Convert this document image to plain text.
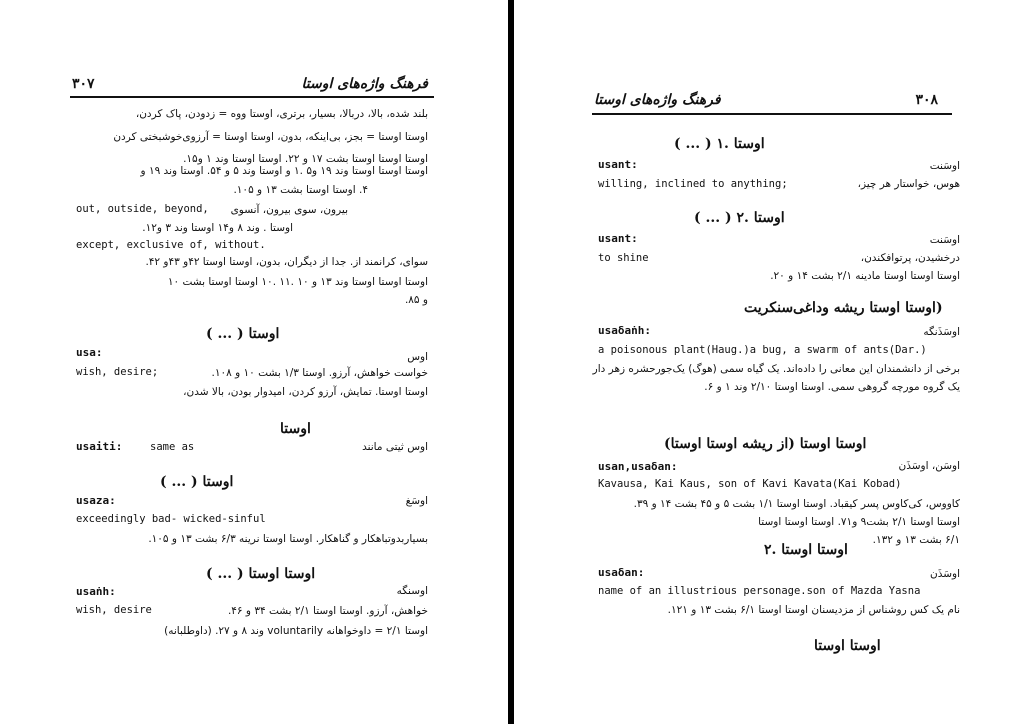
۳۰۷	فرهنگ واژه‌های اوستا
بلند شده، بالا، دربالا، بسیار، برتری، اوستا ووه = زدودن، پاک کردن،
اوستا اوستا = بجز، بی‌اینکه، بدون، اوستا اوستا = آرزوی‌خوشبختی کردن
اوستا اوستا اوستا بشت ۱۷ و ۲۲. اوستا اوستا وند ۱ و۱۵.
اوستا اوستا اوستا وند ۱۹ و۵ .۱ و اوستا وند ۵ و ۵۴. اوستا وند ۱۹ و
۴. اوستا اوستا بشت ۱۳ و ۱۰۵.
بیرون، سوی بیرون، آنسوی
out, outside, beyond,
اوستا . وند ۸ و۱۴ اوستا وند ۳ و۱۲.
except, exclusive of, without.
سوای، کرانمند از. جدا از دیگران، بدون، اوستا اوستا ۴۲و ۴۳و ۴۲.
اوستا اوستا اوستا وند ۱۳ و ۱۰ .۱۱ .۱۰ اوستا اوستا بشت ۱۰
و ۸۵.
( ... ) اوستا
usa:	اوس
wish, desire;	خواست خواهش، آرزو. اوستا ۱/۳ بشت ۱۰ و ۱۰۸.
اوستا اوستا. تمایش، آرزو کردن، امیدوار بودن، بالا شدن،
اوستا
usaiti:	same as	اوس ثیتی مانند
( ... ) اوستا
usaza:	اوسَغ
exceedingly bad- wicked-sinful
بسیاربدوتباهکار و گناهکار. اوستا اوستا نرینه ۶/۳ بشت ۱۳ و ۱۰۵.
( ... ) اوستا اوستا
usaṅh:	اوسنگه
wish, desire	خواهش، آرزو. اوستا اوستا ۲/۱ بشت ۳۴ و ۴۶.
اوستا ۲/۱ = داوخواهانه voluntarily وند ۸ و ۲۷. (داوطلبانه)
۳۰۸
فرهنگ واژه‌های اوستا
( ... ) ۱. اوستا
usant:	اوسَنت
willing, inclined to anything;	هوس، خواستار هر چیز،
( ... ) ۲. اوستا
usant:	اوسَنت
to shine	درخشیدن، پرتوافکندن،
اوستا اوستا اوستا مادینه ۲/۱ بشت ۱۴ و ۲۰.
اوستا اوستا ریشه وداغی‌سنکریت)
usaδaṅh:	اوسَذَنگه
a poisonous plant(Haug.)a bug, a swarm of ants(Dar.)
برخی از دانشمندان این معانی را داده‌اند. یک گیاه سمی (هوگ) یک‌جورحشره زهر دار
یک گروه مورچه گروهی سمی. اوستا اوستا ۲/۱۰ وند ۱ و ۶.
اوستا اوستا (از ریشه اوستا اوستا)
usan,usaδan:	اوسَن، اوسَذَن
Kavausa, Kai Kaus, son of Kavi Kavata(Kai Kobad)
کاووس، کی‌کاوس پسر کیقباد. اوستا اوستا ۱/۱ بشت ۵ و ۴۵ بشت ۱۴ و ۳۹.
اوستا اوستا ۲/۱ بشت۹ و۷۱. اوستا اوستا اوستا
۶/۱ بشت ۱۳ و ۱۳۲.
۲. اوستا اوستا
usaδan:	اوسَذَن
name of an illustrious personage.son of Mazda Yasna
نام یک کس روشناس از مزدیسنان اوستا اوستا ۶/۱ بشت ۱۳ و ۱۲۱.
اوستا اوستا
